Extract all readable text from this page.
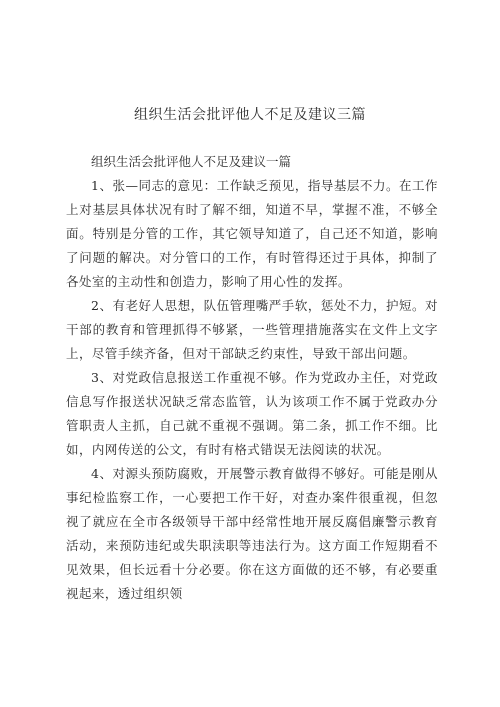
组织生活会批评他人不足及建议三篇

组织生活会批评他人不足及建议一篇

1、张—同志的意见：工作缺乏预见，指导基层不力。在工作上对基层具体状况有时了解不细，知道不早，掌握不准，不够全面。特别是分管的工作，其它领导知道了，自己还不知道，影响了问题的解决。对分管口的工作，有时管得还过于具体，抑制了各处室的主动性和创造力，影响了用心性的发挥。

2、有老好人思想，队伍管理嘴严手软，惩处不力，护短。对干部的教育和管理抓得不够紧，一些管理措施落实在文件上文字上，尽管手续齐备，但对干部缺乏约束性，导致干部出问题。

3、对党政信息报送工作重视不够。作为党政办主任，对党政信息写作报送状况缺乏常态监管，认为该项工作不属于党政办分管职责人主抓，自己就不重视不强调。第二条，抓工作不细。比如，内网传送的公文，有时有格式错误无法阅读的状况。

4、对源头预防腐败，开展警示教育做得不够好。可能是刚从事纪检监察工作，一心要把工作干好，对查办案件很重视，但忽视了就应在全市各级领导干部中经常性地开展反腐倡廉警示教育活动，来预防违纪或失职渎职等违法行为。这方面工作短期看不见效果，但长远看十分必要。你在这方面做的还不够，有必要重视起来，透过组织领
